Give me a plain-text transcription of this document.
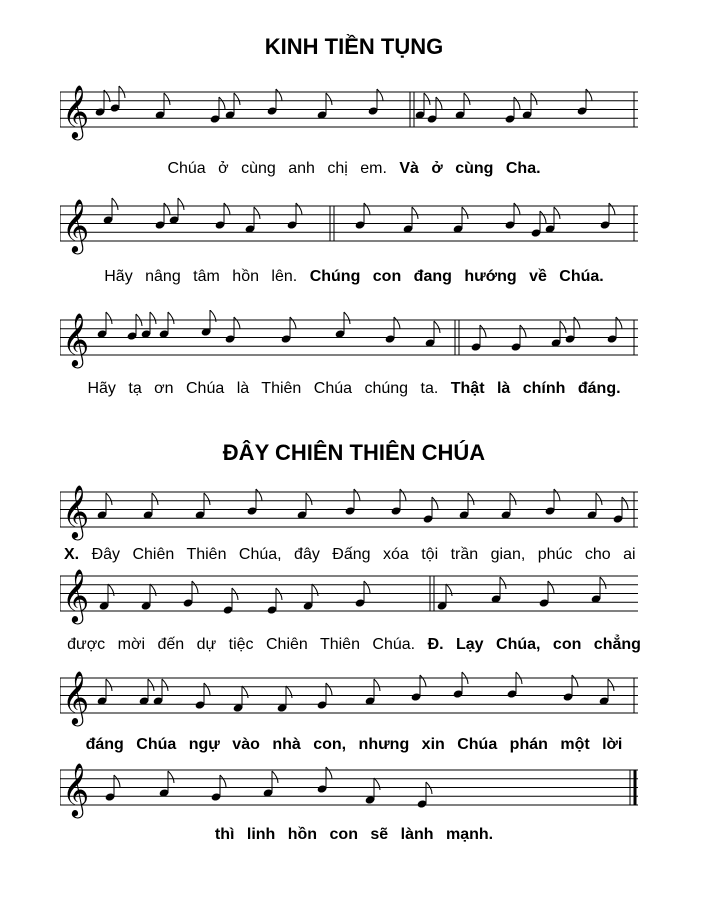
KINH TIỀN TỤNG
𝄞
Chúa ở cùng anh chị em. Và ở cùng Cha.
𝄞
Hãy nâng tâm hồn lên. Chúng con đang hướng về Chúa.
𝄞
Hãy tạ ơn Chúa là Thiên Chúa chúng ta. Thật là chính đáng.
ĐÂY CHIÊN THIÊN CHÚA
𝄞
X. Đây Chiên Thiên Chúa, đây Đấng xóa tội trần gian, phúc cho ai
𝄞
được mời đến dự tiệc Chiên Thiên Chúa. Đ. Lạy Chúa, con chẳng
𝄞
đáng Chúa ngự vào nhà con, nhưng xin Chúa phán một lời
𝄞
thì linh hồn con sẽ lành mạnh.
